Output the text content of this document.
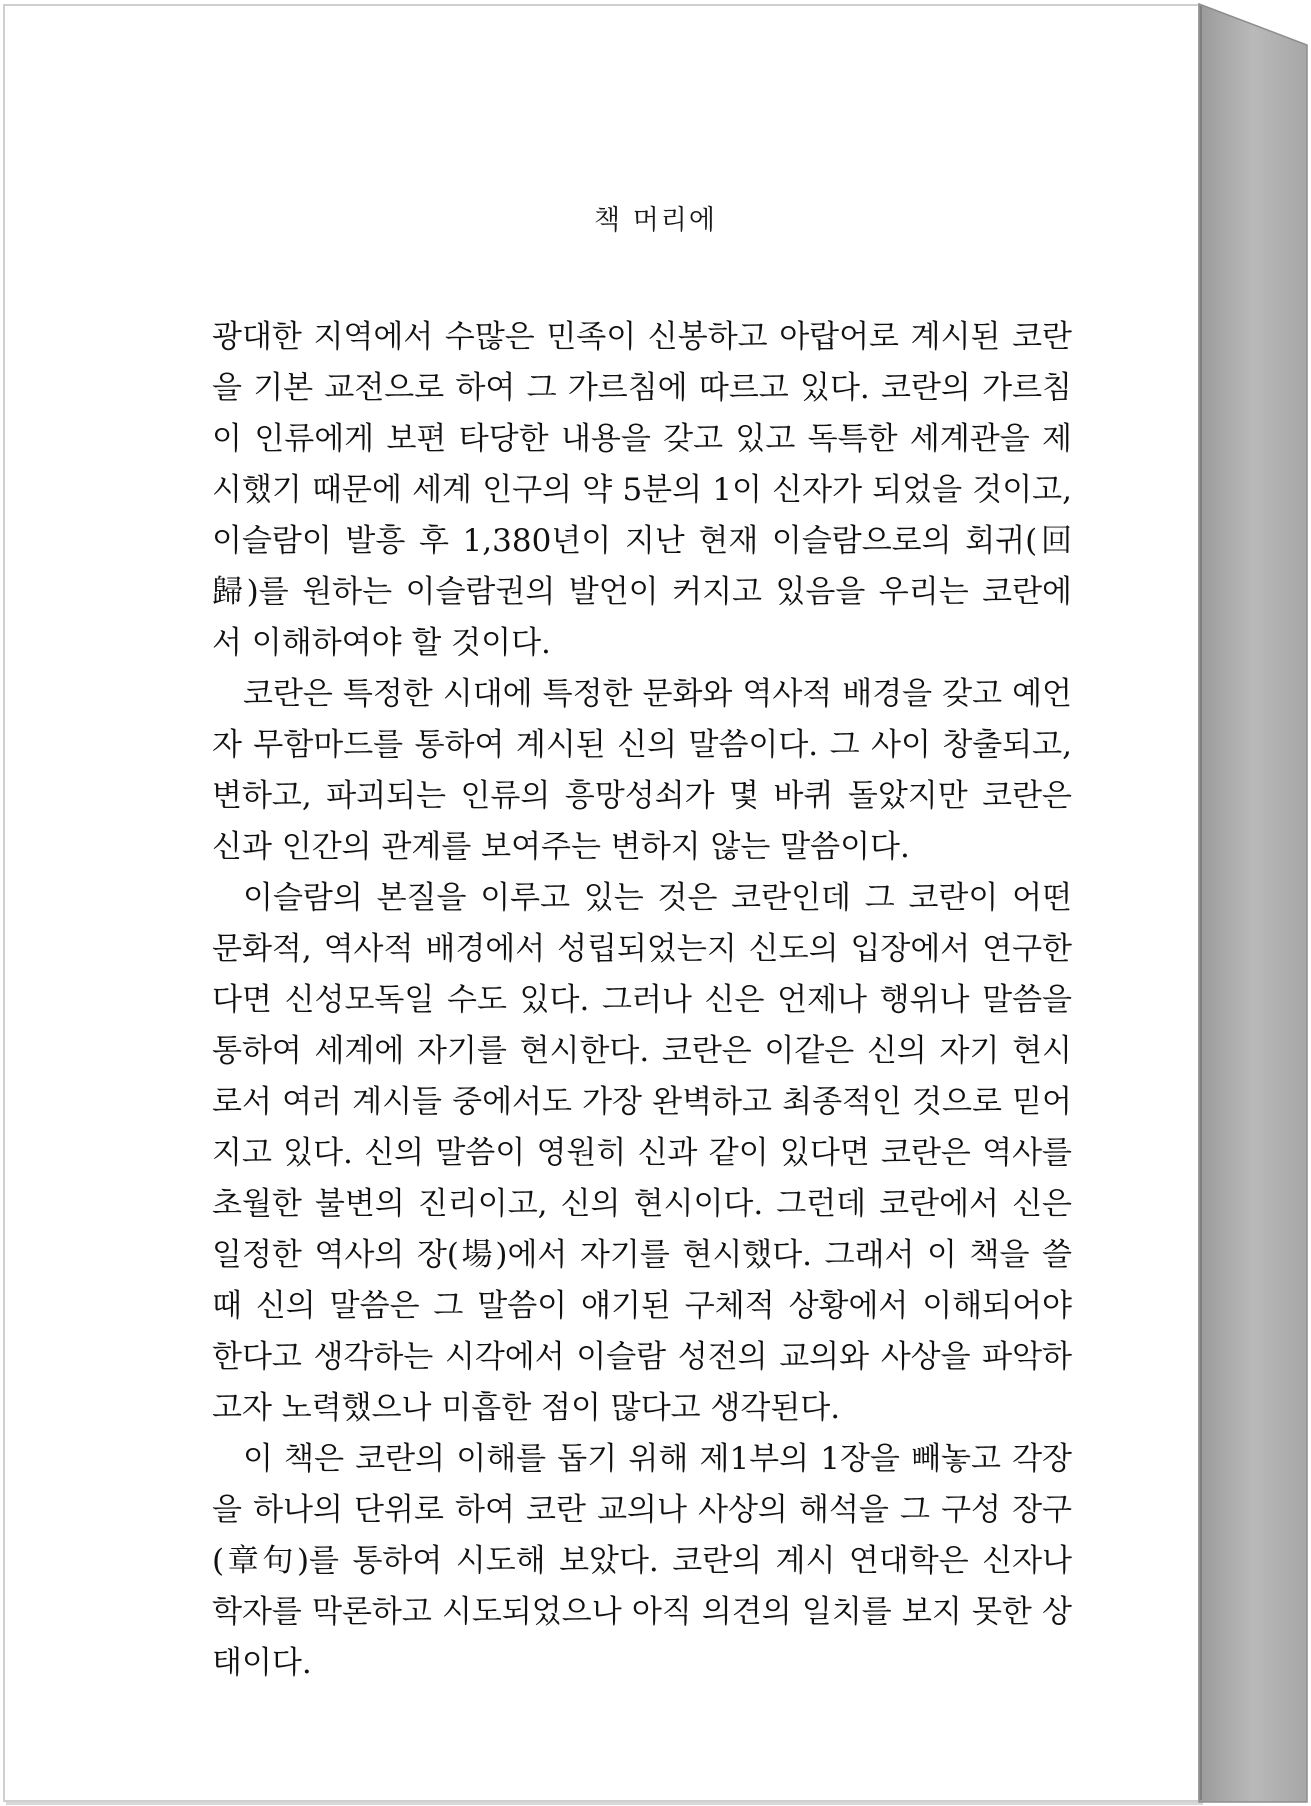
책 머리에

광대한 지역에서 수많은 민족이 신봉하고 아랍어로 계시된 코란을 기본 교전으로 하여 그 가르침에 따르고 있다. 코란의 가르침이 인류에게 보편 타당한 내용을 갖고 있고 독특한 세계관을 제시했기 때문에 세계 인구의 약 5분의 1이 신자가 되었을 것이고, 이슬람이 발흥 후 1,380년이 지난 현재 이슬람으로의 회귀(回歸)를 원하는 이슬람권의 발언이 커지고 있음을 우리는 코란에서 이해하여야 할 것이다.

코란은 특정한 시대에 특정한 문화와 역사적 배경을 갖고 예언자 무함마드를 통하여 계시된 신의 말씀이다. 그 사이 창출되고, 변하고, 파괴되는 인류의 흥망성쇠가 몇 바퀴 돌았지만 코란은 신과 인간의 관계를 보여주는 변하지 않는 말씀이다.

이슬람의 본질을 이루고 있는 것은 코란인데 그 코란이 어떤 문화적, 역사적 배경에서 성립되었는지 신도의 입장에서 연구한다면 신성모독일 수도 있다. 그러나 신은 언제나 행위나 말씀을 통하여 세계에 자기를 현시한다. 코란은 이같은 신의 자기 현시로서 여러 계시들 중에서도 가장 완벽하고 최종적인 것으로 믿어지고 있다. 신의 말씀이 영원히 신과 같이 있다면 코란은 역사를 초월한 불변의 진리이고, 신의 현시이다. 그런데 코란에서 신은 일정한 역사의 장(場)에서 자기를 현시했다. 그래서 이 책을 쓸 때 신의 말씀은 그 말씀이 얘기된 구체적 상황에서 이해되어야 한다고 생각하는 시각에서 이슬람 성전의 교의와 사상을 파악하고자 노력했으나 미흡한 점이 많다고 생각된다.

이 책은 코란의 이해를 돕기 위해 제1부의 1장을 빼놓고 각장을 하나의 단위로 하여 코란 교의나 사상의 해석을 그 구성 장구(章句)를 통하여 시도해 보았다. 코란의 계시 연대학은 신자나 학자를 막론하고 시도되었으나 아직 의견의 일치를 보지 못한 상태이다.
